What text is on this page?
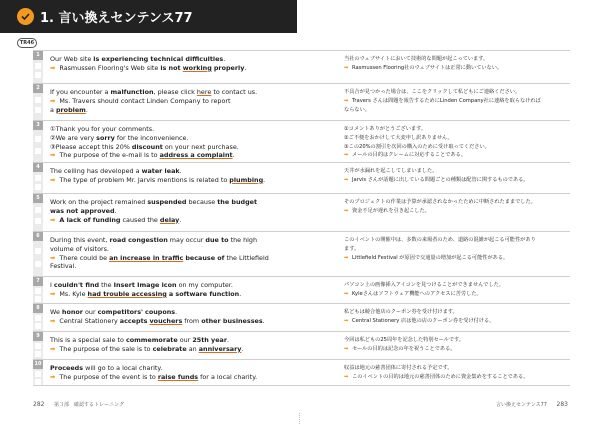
1. 言い換えセンテンス77
TR46
1	Our Web site is experiencing technical difficulties.
➡ Rasmussen Flooring's Web site is not working properly.
当社のウェブサイトにおいて技術的な問題が起こっています。
➡ Rasmussen Flooring社のウェブサイトは正常に動いていない。
2	If you encounter a malfunction, please click here to contact us.
➡ Ms. Travers should contact Linden Company to report
a problem.
不具合が見つかった場合は、ここをクリックして私どもにご連絡ください。
➡ Travers さんは問題を報告するためにLinden Company社に連絡を取らなければ
ならない。
3	①Thank you for your comments.
②We are very sorry for the inconvenience.
③Please accept this 20% discount on your next purchase.
➡ The purpose of the e-mail is to address a complaint.
①コメントありがとうございます。
②ご不便をおかけして大変申し訳ありません。
③この20%の割引を次回の購入のために受け取ってください。
➡ メールの目的はクレームに対応することである。
4	The ceiling has developed a water leak.
➡ The type of problem Mr. Jarvis mentions is related to plumbing.
天井が水漏れを起こしてしまいました。
➡ Jarvis さんが話題に出している問題ごとの種類は配管に関するものである。
5	Work on the project remained suspended because the budget
was not approved.
➡ A lack of funding caused the delay.
そのプロジェクトの作業は予算が承認されなかったために中断されたままでした。
➡ 資金不足が遅れを引き起こした。
6	During this event, road congestion may occur due to the high
volume of visitors.
➡ There could be an increase in traffic because of the Littlefield
Festival.
このイベントの開催中は、多数の来場者のため、道路の混雑が起こる可能性があり
ます。
➡ Littlefield Festival が原因で交通量の増加が起こる可能性がある。
7	I couldn't find the Insert Image icon on my computer.
➡ Ms. Kyle had trouble accessing a software function.
パソコン上の画像挿入アイコンを見つけることができませんでした。
➡ Kyleさんはソフトウェア機能へのアクセスに苦労した。
8	We honor our competitors' coupons.
➡ Central Stationery accepts vouchers from other businesses.
私どもは競合他店のクーポン券を受け付けます。
➡ Central Stationery 店は他の店のクーポン券を受け付ける。
9	This is a special sale to commemorate our 25th year.
➡ The purpose of the sale is to celebrate an anniversary.
今回は私どもの25周年を記念した特別セールです。
➡ セールの目的は記念の年を祝うことである。
10 Proceeds will go to a local charity.
➡ The purpose of the event is to raise funds for a local charity.
収益は地元の慈善団体に寄付される予定です。
➡ このイベントの目的は地元の慈善団体のために資金集めをすることである。
282 第３部　確認するトレーニング	言い換えセンテンス77 283
